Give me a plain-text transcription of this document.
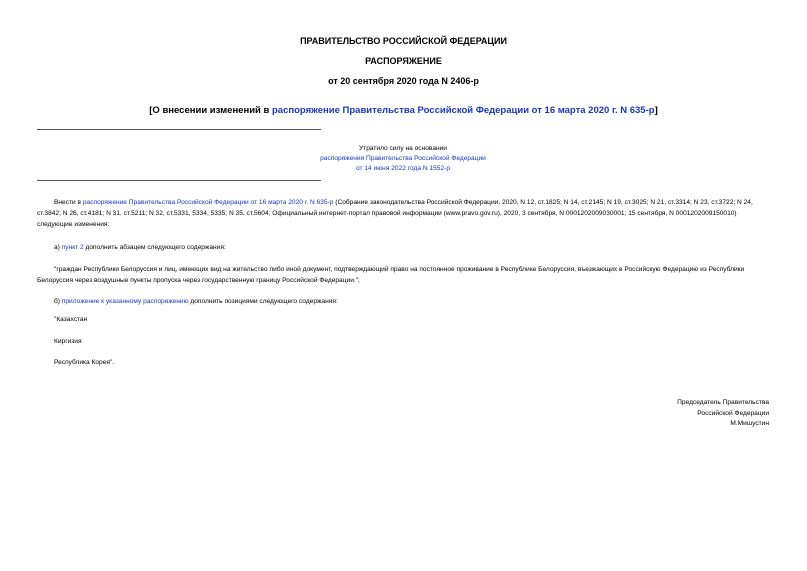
ПРАВИТЕЛЬСТВО РОССИЙСКОЙ ФЕДЕРАЦИИ
РАСПОРЯЖЕНИЕ
от 20 сентября 2020 года N 2406-р
[О внесении изменений в распоряжение Правительства Российской Федерации от 16 марта 2020 г. N 635-р]
Утратило силу на основании
распоряжения Правительства Российской Федерации
от 14 июня 2022 года N 1552-р
Внести в распоряжение Правительства Российской Федерации от 16 марта 2020 г. N 635-р (Собрание законодательства Российской Федерации, 2020, N 12, ст.1825; N 14, ст.2145; N 19, ст.3025; N 21, ст.3314; N 23, ст.3722; N 24, ст.3842; N 26, ст.4181; N 31, ст.5211; N 32, ст.5331, 5334, 5335; N 35, ст.5604; Официальный интернет-портал правовой информации (www.pravo.gov.ru), 2020, 3 сентября, N 0001202009030001; 15 сентября, N 0001202009150010) следующие изменения:
а) пункт 2 дополнить абзацем следующего содержания:
"граждан Республики Белоруссия и лиц, имеющих вид на жительство либо иной документ, подтверждающий право на постоянное проживание в Республике Белоруссия, въезжающих в Российскую Федерацию из Республики Белоруссия через воздушные пункты пропуска через государственную границу Российской Федерации.";
б) приложение к указанному распоряжению дополнить позициями следующего содержания:
"Казахстан
Киргизия
Республика Корея".
Председатель Правительства
Российской Федерации
М.Мишустин
